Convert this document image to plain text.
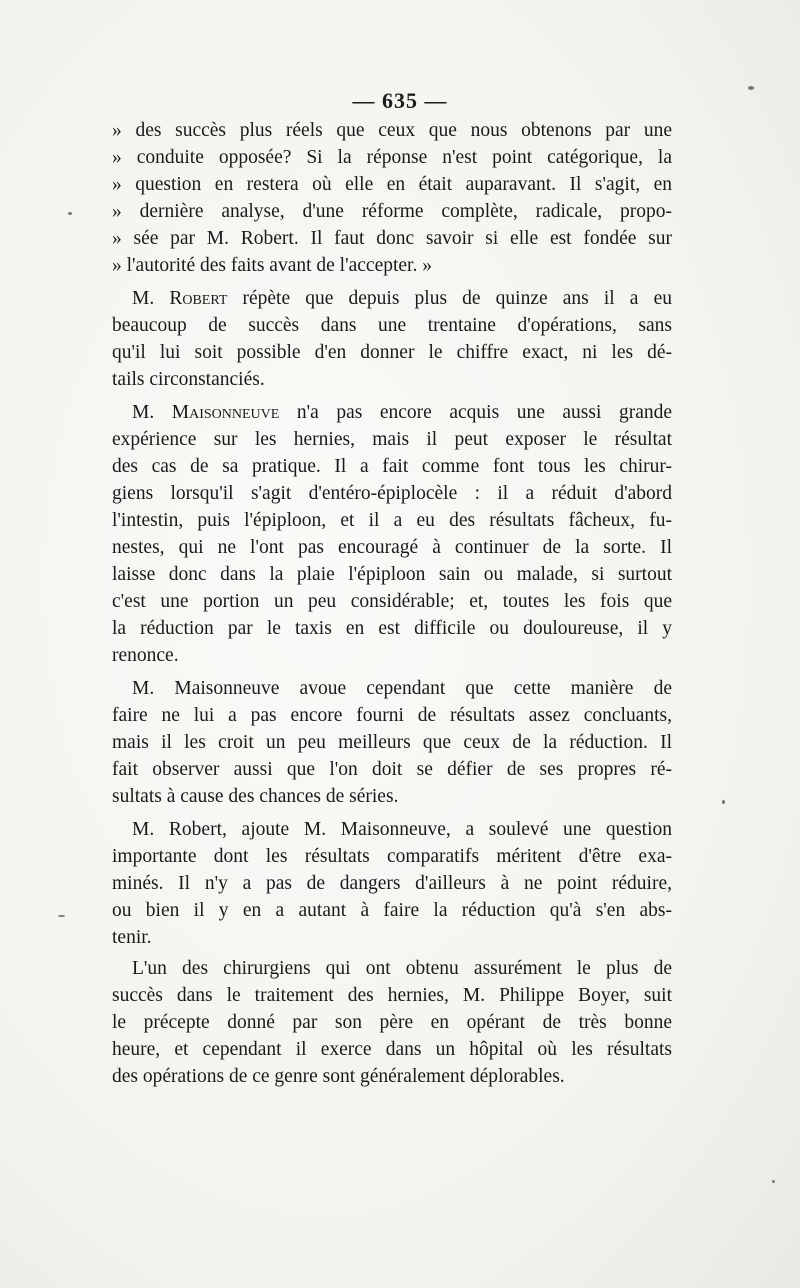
— 635 —
» des succès plus réels que ceux que nous obtenons par une
» conduite opposée? Si la réponse n'est point catégorique, la
» question en restera où elle en était auparavant. Il s'agit, en
» dernière analyse, d'une réforme complète, radicale, propo-
» sée par M. Robert. Il faut donc savoir si elle est fondée sur
» l'autorité des faits avant de l'accepter. »
M. Robert répète que depuis plus de quinze ans il a eu
beaucoup de succès dans une trentaine d'opérations, sans
qu'il lui soit possible d'en donner le chiffre exact, ni les dé-
tails circonstanciés.
M. Maisonneuve n'a pas encore acquis une aussi grande
expérience sur les hernies, mais il peut exposer le résultat
des cas de sa pratique. Il a fait comme font tous les chirur-
giens lorsqu'il s'agit d'entéro-épiplocèle : il a réduit d'abord
l'intestin, puis l'épiploon, et il a eu des résultats fâcheux, fu-
nestes, qui ne l'ont pas encouragé à continuer de la sorte. Il
laisse donc dans la plaie l'épiploon sain ou malade, si surtout
c'est une portion un peu considérable; et, toutes les fois que
la réduction par le taxis en est difficile ou douloureuse, il y
renonce.
M. Maisonneuve avoue cependant que cette manière de
faire ne lui a pas encore fourni de résultats assez concluants,
mais il les croit un peu meilleurs que ceux de la réduction. Il
fait observer aussi que l'on doit se défier de ses propres ré-
sultats à cause des chances de séries.
M. Robert, ajoute M. Maisonneuve, a soulevé une question
importante dont les résultats comparatifs méritent d'être exa-
minés. Il n'y a pas de dangers d'ailleurs à ne point réduire,
ou bien il y en a autant à faire la réduction qu'à s'en abs-
tenir.
L'un des chirurgiens qui ont obtenu assurément le plus de
succès dans le traitement des hernies, M. Philippe Boyer, suit
le précepte donné par son père en opérant de très bonne
heure, et cependant il exerce dans un hôpital où les résultats
des opérations de ce genre sont généralement déplorables.
